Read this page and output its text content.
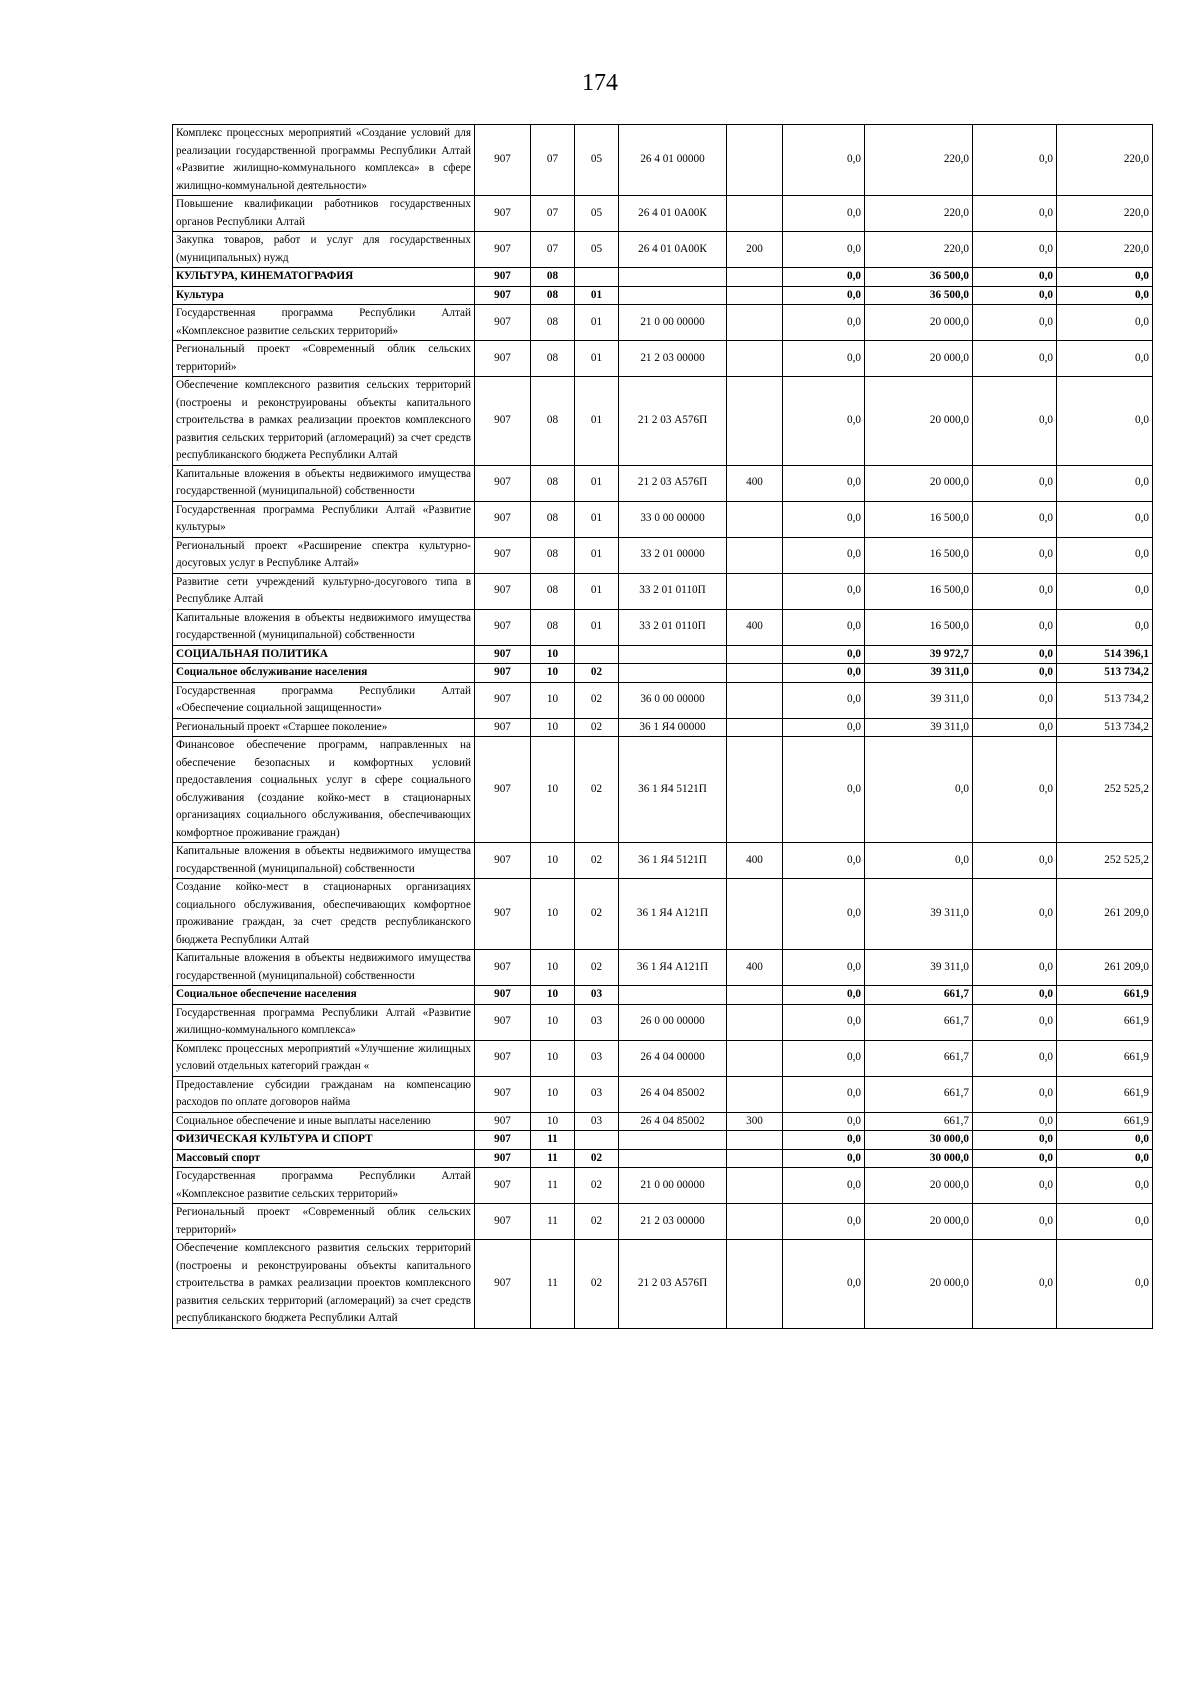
174
Комплекс процессных мероприятий «Создание условий для реализации государственной программы Республики Алтай «Развитие жилищно-коммунального комплекса» в сфере жилищно-коммунальной деятельности»	907	07	05	26 4 01 00000		0,0	220,0	0,0	220,0
Повышение квалификации работников государственных органов Республики Алтай	907	07	05	26 4 01 0А00К		0,0	220,0	0,0	220,0
Закупка товаров, работ и услуг для государственных (муниципальных) нужд	907	07	05	26 4 01 0А00К	200	0,0	220,0	0,0	220,0
КУЛЬТУРА, КИНЕМАТОГРАФИЯ	907	08				0,0	36 500,0	0,0	0,0
Культура	907	08	01			0,0	36 500,0	0,0	0,0
Государственная программа Республики Алтай «Комплексное развитие сельских территорий»	907	08	01	21 0 00 00000		0,0	20 000,0	0,0	0,0
Региональный проект «Современный облик сельских территорий»	907	08	01	21 2 03 00000		0,0	20 000,0	0,0	0,0
Обеспечение комплексного развития сельских территорий (построены и реконструированы объекты капитального строительства в рамках реализации проектов комплексного развития сельских территорий (агломераций) за счет средств республиканского бюджета Республики Алтай	907	08	01	21 2 03 А576П		0,0	20 000,0	0,0	0,0
Капитальные вложения в объекты недвижимого имущества государственной (муниципальной) собственности	907	08	01	21 2 03 А576П	400	0,0	20 000,0	0,0	0,0
Государственная программа Республики Алтай «Развитие культуры»	907	08	01	33 0 00 00000		0,0	16 500,0	0,0	0,0
Региональный проект «Расширение спектра культурно-досуговых услуг в Республике Алтай»	907	08	01	33 2 01 00000		0,0	16 500,0	0,0	0,0
Развитие сети учреждений культурно-досугового типа в Республике Алтай	907	08	01	33 2 01 0110П		0,0	16 500,0	0,0	0,0
Капитальные вложения в объекты недвижимого имущества государственной (муниципальной) собственности	907	08	01	33 2 01 0110П	400	0,0	16 500,0	0,0	0,0
СОЦИАЛЬНАЯ ПОЛИТИКА	907	10				0,0	39 972,7	0,0	514 396,1
Социальное обслуживание населения	907	10	02			0,0	39 311,0	0,0	513 734,2
Государственная программа Республики Алтай «Обеспечение социальной защищенности»	907	10	02	36 0 00 00000		0,0	39 311,0	0,0	513 734,2
Региональный проект «Старшее поколение»	907	10	02	36 1 Я4 00000		0,0	39 311,0	0,0	513 734,2
Финансовое обеспечение программ, направленных на обеспечение безопасных и комфортных условий предоставления социальных услуг в сфере социального обслуживания (создание койко-мест в стационарных организациях социального обслуживания, обеспечивающих комфортное проживание граждан)	907	10	02	36 1 Я4 5121П		0,0	0,0	0,0	252 525,2
Капитальные вложения в объекты недвижимого имущества государственной (муниципальной) собственности	907	10	02	36 1 Я4 5121П	400	0,0	0,0	0,0	252 525,2
Создание койко-мест в стационарных организациях социального обслуживания, обеспечивающих комфортное проживание граждан, за счет средств республиканского бюджета Республики Алтай	907	10	02	36 1 Я4 А121П		0,0	39 311,0	0,0	261 209,0
Капитальные вложения в объекты недвижимого имущества государственной (муниципальной) собственности	907	10	02	36 1 Я4 А121П	400	0,0	39 311,0	0,0	261 209,0
Социальное обеспечение населения	907	10	03			0,0	661,7	0,0	661,9
Государственная программа Республики Алтай «Развитие жилищно-коммунального комплекса»	907	10	03	26 0 00 00000		0,0	661,7	0,0	661,9
Комплекс процессных мероприятий «Улучшение жилищных условий отдельных категорий граждан «	907	10	03	26 4 04 00000		0,0	661,7	0,0	661,9
Предоставление субсидии гражданам на компенсацию расходов по оплате договоров найма	907	10	03	26 4 04 85002		0,0	661,7	0,0	661,9
Социальное обеспечение и иные выплаты населению	907	10	03	26 4 04 85002	300	0,0	661,7	0,0	661,9
ФИЗИЧЕСКАЯ КУЛЬТУРА И СПОРТ	907	11				0,0	30 000,0	0,0	0,0
Массовый спорт	907	11	02			0,0	30 000,0	0,0	0,0
Государственная программа Республики Алтай «Комплексное развитие сельских территорий»	907	11	02	21 0 00 00000		0,0	20 000,0	0,0	0,0
Региональный проект «Современный облик сельских территорий»	907	11	02	21 2 03 00000		0,0	20 000,0	0,0	0,0
Обеспечение комплексного развития сельских территорий (построены и реконструированы объекты капитального строительства в рамках реализации проектов комплексного развития сельских территорий (агломераций) за счет средств республиканского бюджета Республики Алтай	907	11	02	21 2 03 А576П		0,0	20 000,0	0,0	0,0
